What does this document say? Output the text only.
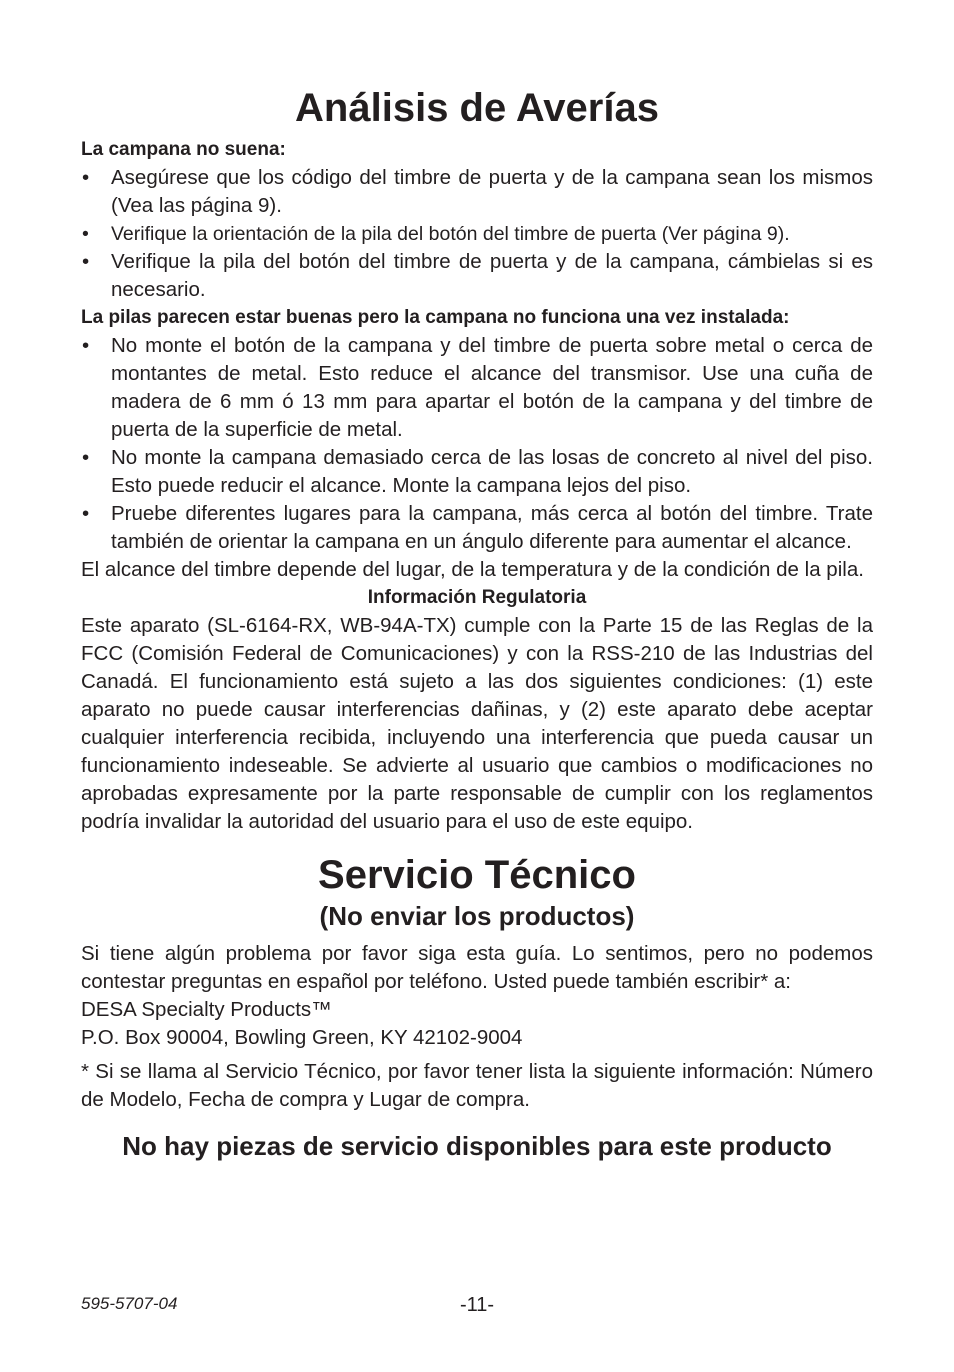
Análisis de Averías

La campana no suena:

• Asegúrese que los código del timbre de puerta y de la campana sean los mismos (Vea las página 9).
• Verifique la orientación de la pila del botón del timbre de puerta (Ver página 9).
• Verifique la pila del botón del timbre de puerta y de la campana, cámbielas si es necesario.

La pilas parecen estar buenas pero la campana no funciona una vez instalada:

• No monte el botón de la campana y del timbre de puerta sobre metal o cerca de montantes de metal. Esto reduce el alcance del transmisor. Use una cuña de madera de 6 mm ó 13 mm para apartar el botón de la campana y del timbre de puerta de la superficie de metal.
• No monte la campana demasiado cerca de las losas de concreto al nivel del piso. Esto puede reducir el alcance. Monte la campana lejos del piso.
• Pruebe diferentes lugares para la campana, más cerca al botón del timbre. Trate también de orientar la campana en un ángulo diferente para aumentar el alcance.

El alcance del timbre depende del lugar, de la temperatura y de la condición de la pila.

Información Regulatoria

Este aparato (SL-6164-RX, WB-94A-TX) cumple con la Parte 15 de las Reglas de la FCC (Comisión Federal de Comunicaciones) y con la RSS-210 de las Industrias del Canadá. El funcionamiento está sujeto a las dos siguientes condiciones: (1) este aparato no puede causar interferencias dañinas, y (2) este aparato debe aceptar cualquier interferencia recibida, incluyendo una interferencia que pueda causar un funcionamiento indeseable. Se advierte al usuario que cambios o modificaciones no aprobadas expresamente por la parte responsable de cumplir con los reglamentos podría invalidar la autoridad del usuario para el uso de este equipo.

Servicio Técnico
(No enviar los productos)

Si tiene algún problema por favor siga esta guía. Lo sentimos, pero no podemos contestar preguntas en español por teléfono. Usted puede también escribir* a:

DESA Specialty Products™

P.O. Box 90004, Bowling Green, KY 42102-9004

* Si se llama al Servicio Técnico, por favor tener lista la siguiente información: Número de Modelo, Fecha de compra y Lugar de compra.

No hay piezas de servicio disponibles para este producto

595-5707-04	-11-
